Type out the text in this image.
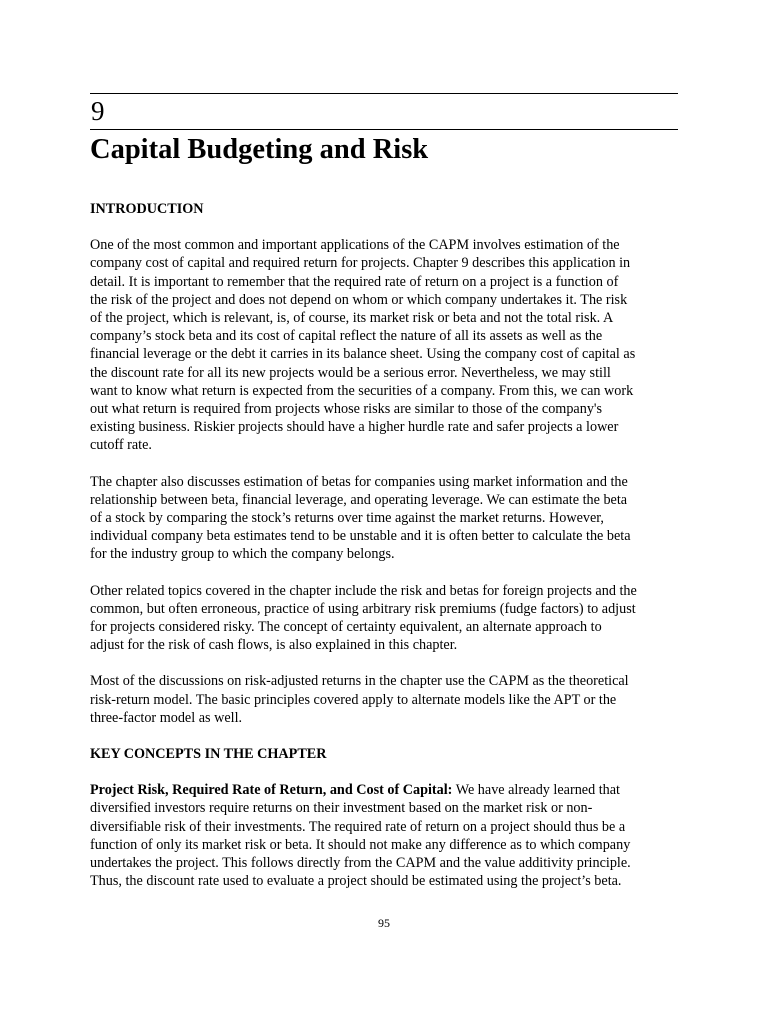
9
Capital Budgeting and Risk
INTRODUCTION

One of the most common and important applications of the CAPM involves estimation of the
company cost of capital and required return for projects. Chapter 9 describes this application in
detail. It is important to remember that the required rate of return on a project is a function of
the risk of the project and does not depend on whom or which company undertakes it. The risk
of the project, which is relevant, is, of course, its market risk or beta and not the total risk. A
company’s stock beta and its cost of capital reflect the nature of all its assets as well as the
financial leverage or the debt it carries in its balance sheet. Using the company cost of capital as
the discount rate for all its new projects would be a serious error. Nevertheless, we may still
want to know what return is expected from the securities of a company. From this, we can work
out what return is required from projects whose risks are similar to those of the company's
existing business. Riskier projects should have a higher hurdle rate and safer projects a lower
cutoff rate.

The chapter also discusses estimation of betas for companies using market information and the
relationship between beta, financial leverage, and operating leverage. We can estimate the beta
of a stock by comparing the stock’s returns over time against the market returns. However,
individual company beta estimates tend to be unstable and it is often better to calculate the beta
for the industry group to which the company belongs.

Other related topics covered in the chapter include the risk and betas for foreign projects and the
common, but often erroneous, practice of using arbitrary risk premiums (fudge factors) to adjust
for projects considered risky. The concept of certainty equivalent, an alternate approach to
adjust for the risk of cash flows, is also explained in this chapter.

Most of the discussions on risk-adjusted returns in the chapter use the CAPM as the theoretical
risk-return model. The basic principles covered apply to alternate models like the APT or the
three-factor model as well.

KEY CONCEPTS IN THE CHAPTER

Project Risk, Required Rate of Return, and Cost of Capital: We have already learned that
diversified investors require returns on their investment based on the market risk or non-
diversifiable risk of their investments. The required rate of return on a project should thus be a
function of only its market risk or beta. It should not make any difference as to which company
undertakes the project. This follows directly from the CAPM and the value additivity principle.
Thus, the discount rate used to evaluate a project should be estimated using the project’s beta.

95
